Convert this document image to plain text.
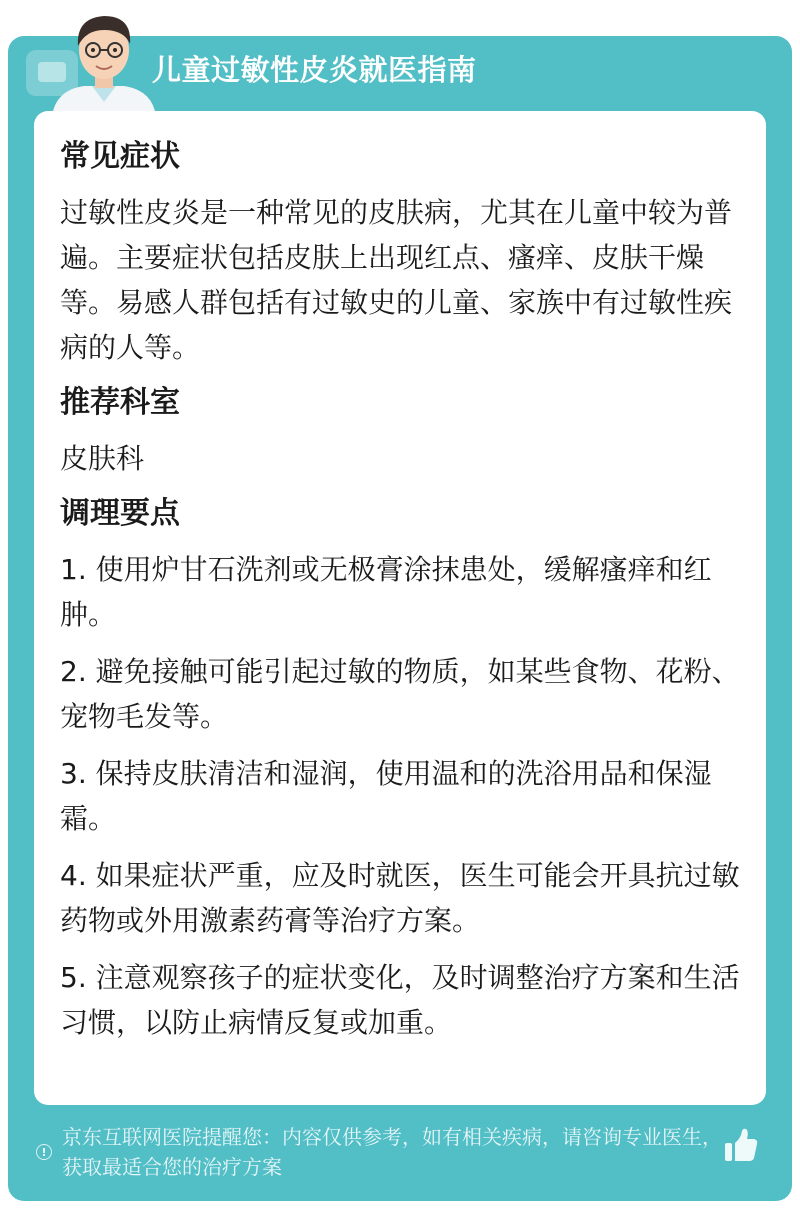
儿童过敏性皮炎就医指南
常见症状

过敏性皮炎是一种常见的皮肤病，尤其在儿童中较为普遍。主要症状包括皮肤上出现红点、瘙痒、皮肤干燥等。易感人群包括有过敏史的儿童、家族中有过敏性疾病的人等。

推荐科室

皮肤科

调理要点

1. 使用炉甘石洗剂或无极膏涂抹患处，缓解瘙痒和红肿。

2. 避免接触可能引起过敏的物质，如某些食物、花粉、宠物毛发等。

3. 保持皮肤清洁和湿润，使用温和的洗浴用品和保湿霜。

4. 如果症状严重，应及时就医，医生可能会开具抗过敏药物或外用激素药膏等治疗方案。

5. 注意观察孩子的症状变化，及时调整治疗方案和生活习惯，以防止病情反复或加重。

京东互联网医院提醒您：内容仅供参考，如有相关疾病，请咨询专业医生，获取最适合您的治疗方案
